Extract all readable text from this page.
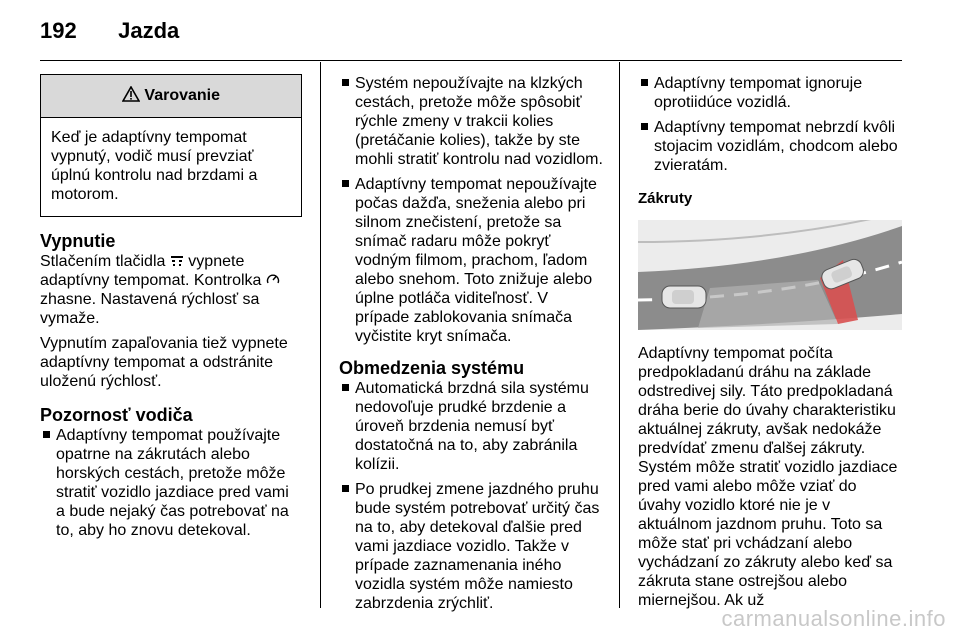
192 Jazda
Varovanie
Keď je adaptívny tempomat vypnutý, vodič musí prevziať úplnú kontrolu nad brzdami a motorom.
Vypnutie

Stlačením tlačidla vypnete adaptívny tempomat. Kontrolka  zhasne. Nastavená rýchlosť sa vymaže.

Vypnutím zapaľovania tiež vypnete adaptívny tempomat a odstránite uloženú rýchlosť.

Pozornosť vodiča
Adaptívny tempomat používajte opatrne na zákrutách alebo horských cestách, pretože môže stratiť vozidlo jazdiace pred vami a bude nejaký čas potrebovať na to, aby ho znovu detekoval.
Systém nepoužívajte na klzkých cestách, pretože môže spôsobiť rýchle zmeny v trakcii kolies (pretáčanie kolies), takže by ste mohli stratiť kontrolu nad vozidlom.
Adaptívny tempomat nepoužívajte počas dažďa, sneženia alebo pri silnom znečistení, pretože sa snímač radaru môže pokryť vodným filmom, prachom, ľadom alebo snehom. Toto znižuje alebo úplne potláča viditeľnosť. V prípade zablokovania snímača vyčistite kryt snímača.
Obmedzenia systému
Automatická brzdná sila systému nedovoľuje prudké brzdenie a úroveň brzdenia nemusí byť dostatočná na to, aby zabránila kolízii.
Po prudkej zmene jazdného pruhu bude systém potrebovať určitý čas na to, aby detekoval ďalšie pred vami jazdiace vozidlo. Takže v prípade zaznamenania iného vozidla systém môže namiesto zabrzdenia zrýchliť.
Adaptívny tempomat ignoruje oprotiidúce vozidlá.
Adaptívny tempomat nebrzdí kvôli stojacim vozidlám, chodcom alebo zvieratám.

Zákruty

Adaptívny tempomat počíta predpokladanú dráhu na základe odstredivej sily. Táto predpokladaná dráha berie do úvahy charakteristiku aktuálnej zákruty, avšak nedokáže predvídať zmenu ďalšej zákruty. Systém môže stratiť vozidlo jazdiace pred vami alebo môže vziať do úvahy vozidlo ktoré nie je v aktuálnom jazdnom pruhu. Toto sa môže stať pri vchádzaní alebo vychádzaní zo zákruty alebo keď sa zákruta stane ostrejšou alebo miernejšou. Ak už

carmanualsonline.info
